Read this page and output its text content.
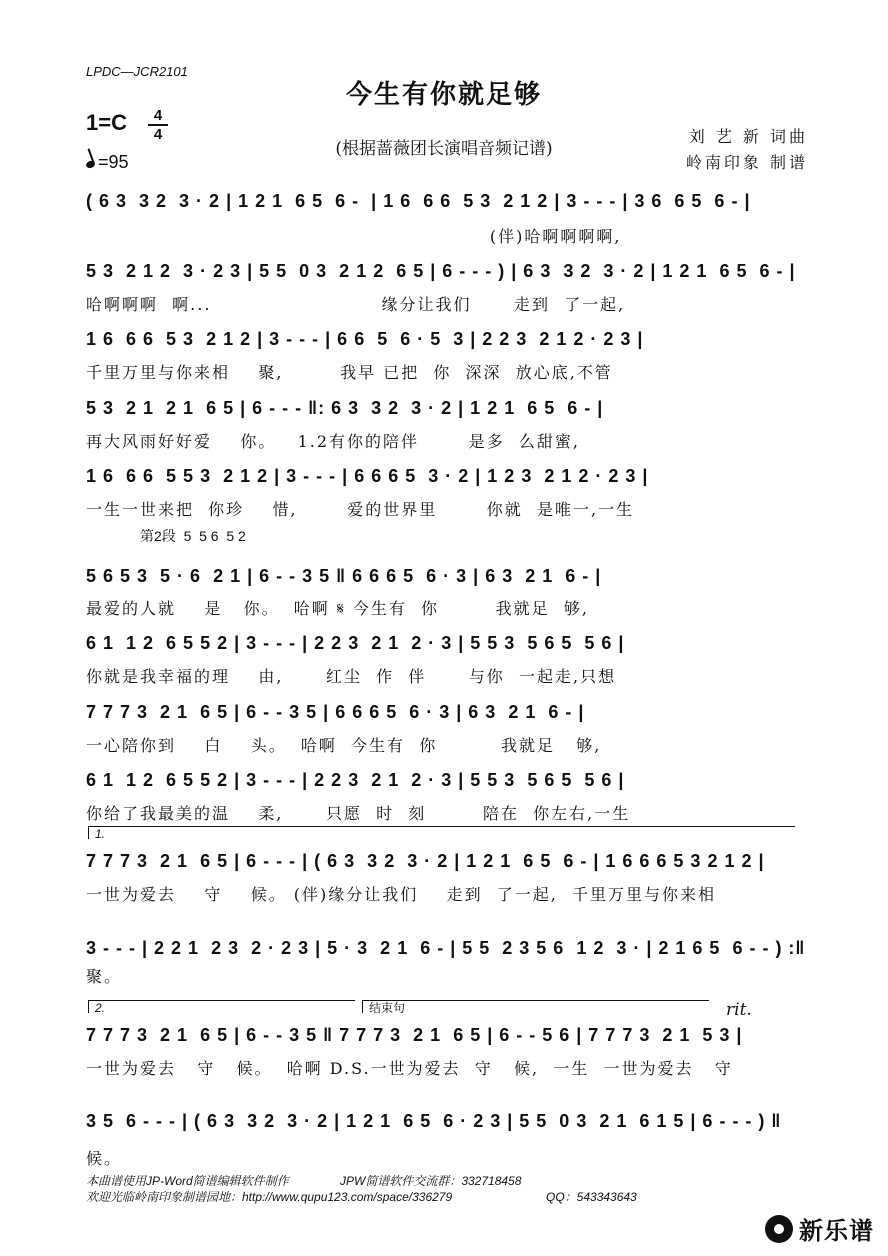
LPDC—JCR2101
今生有你就足够
(根据蔷薇团长演唱音频记谱)
1=C	4
4
=95
刘 艺 新 词曲
岭南印象 制谱
( 6 3  3 2  3 · 2 | 1 2 1  6 5  6 -  | 1 6  6 6  5 3  2 1 2 | 3 - - - | 3 6  6 5  6 - |
(伴)哈啊啊啊啊,
5 3  2 1 2  3 · 2 3 | 5 5  0 3  2 1 2  6 5 | 6 - - - ) | 6 3  3 2  3 · 2 | 1 2 1  6 5  6 - |
哈啊啊啊  啊...                        缘分让我们      走到  了一起,
1 6  6 6  5 3  2 1 2 | 3 - - - | 6 6  5  6 · 5  3 | 2 2 3  2 1 2 · 2 3 |
千里万里与你来相    聚,        我早 已把  你  深深  放心底,不管
5 3  2 1  2 1  6 5 | 6 - - - ‖: 6 3  3 2  3 · 2 | 1 2 1  6 5  6 - |
再大风雨好好爱    你。   1.2有你的陪伴       是多  么甜蜜,
1 6  6 6  5 5 3  2 1 2 | 3 - - - | 6 6 6 5  3 · 2 | 1 2 3  2 1 2 · 2 3 |
一生一世来把  你珍    惜,       爱的世界里       你就  是唯一,一生
第2段  5  5 6  5 2
5 6 5 3  5 · 6  2 1 | 6 - - 3 5 ‖ 6 6 6 5  6 · 3 | 6 3  2 1  6 - |
最爱的人就    是   你。  哈啊 𝄋 今生有  你        我就足  够,
6 1  1 2  6 5 5 2 | 3 - - - | 2 2 3  2 1  2 · 3 | 5 5 3  5 6 5  5 6 |
你就是我幸福的理    由,      红尘  作  伴      与你  一起走,只想
7 7 7 3  2 1  6 5 | 6 - - 3 5 | 6 6 6 5  6 · 3 | 6 3  2 1  6 - |
一心陪你到    白    头。  哈啊  今生有  你         我就足   够,
6 1  1 2  6 5 5 2 | 3 - - - | 2 2 3  2 1  2 · 3 | 5 5 3  5 6 5  5 6 |
你给了我最美的温    柔,      只愿  时  刻        陪在  你左右,一生
1.
7 7 7 3  2 1  6 5 | 6 - - - | ( 6 3  3 2  3 · 2 | 1 2 1  6 5  6 - | 1 6 6 6 5 3 2 1 2 |
一世为爱去    守    候。 (伴)缘分让我们    走到  了一起,  千里万里与你来相
3 - - - | 2 2 1  2 3  2 · 2 3 | 5 · 3  2 1  6 - | 5 5  2 3 5 6  1 2  3 · | 2 1 6 5  6 - - ) :‖
聚。
2.	结束句	rit.
7 7 7 3  2 1  6 5 | 6 - - 3 5 ‖ 7 7 7 3  2 1  6 5 | 6 - - 5 6 | 7 7 7 3  2 1  5 3 |
一世为爱去   守   候。  哈啊 D.S.一世为爱去  守   候,  一生  一世为爱去   守
3 5  6 - - - | ( 6 3  3 2  3 · 2 | 1 2 1  6 5  6 · 2 3 | 5 5  0 3  2 1  6 1 5 | 6 - - - ) ‖
候。
本曲谱使用JP-Word简谱编辑软件制作	JPW简谱软件交流群：332718458
欢迎光临岭南印象制谱园地：http://www.qupu123.com/space/336279	QQ：543343643
新乐谱
